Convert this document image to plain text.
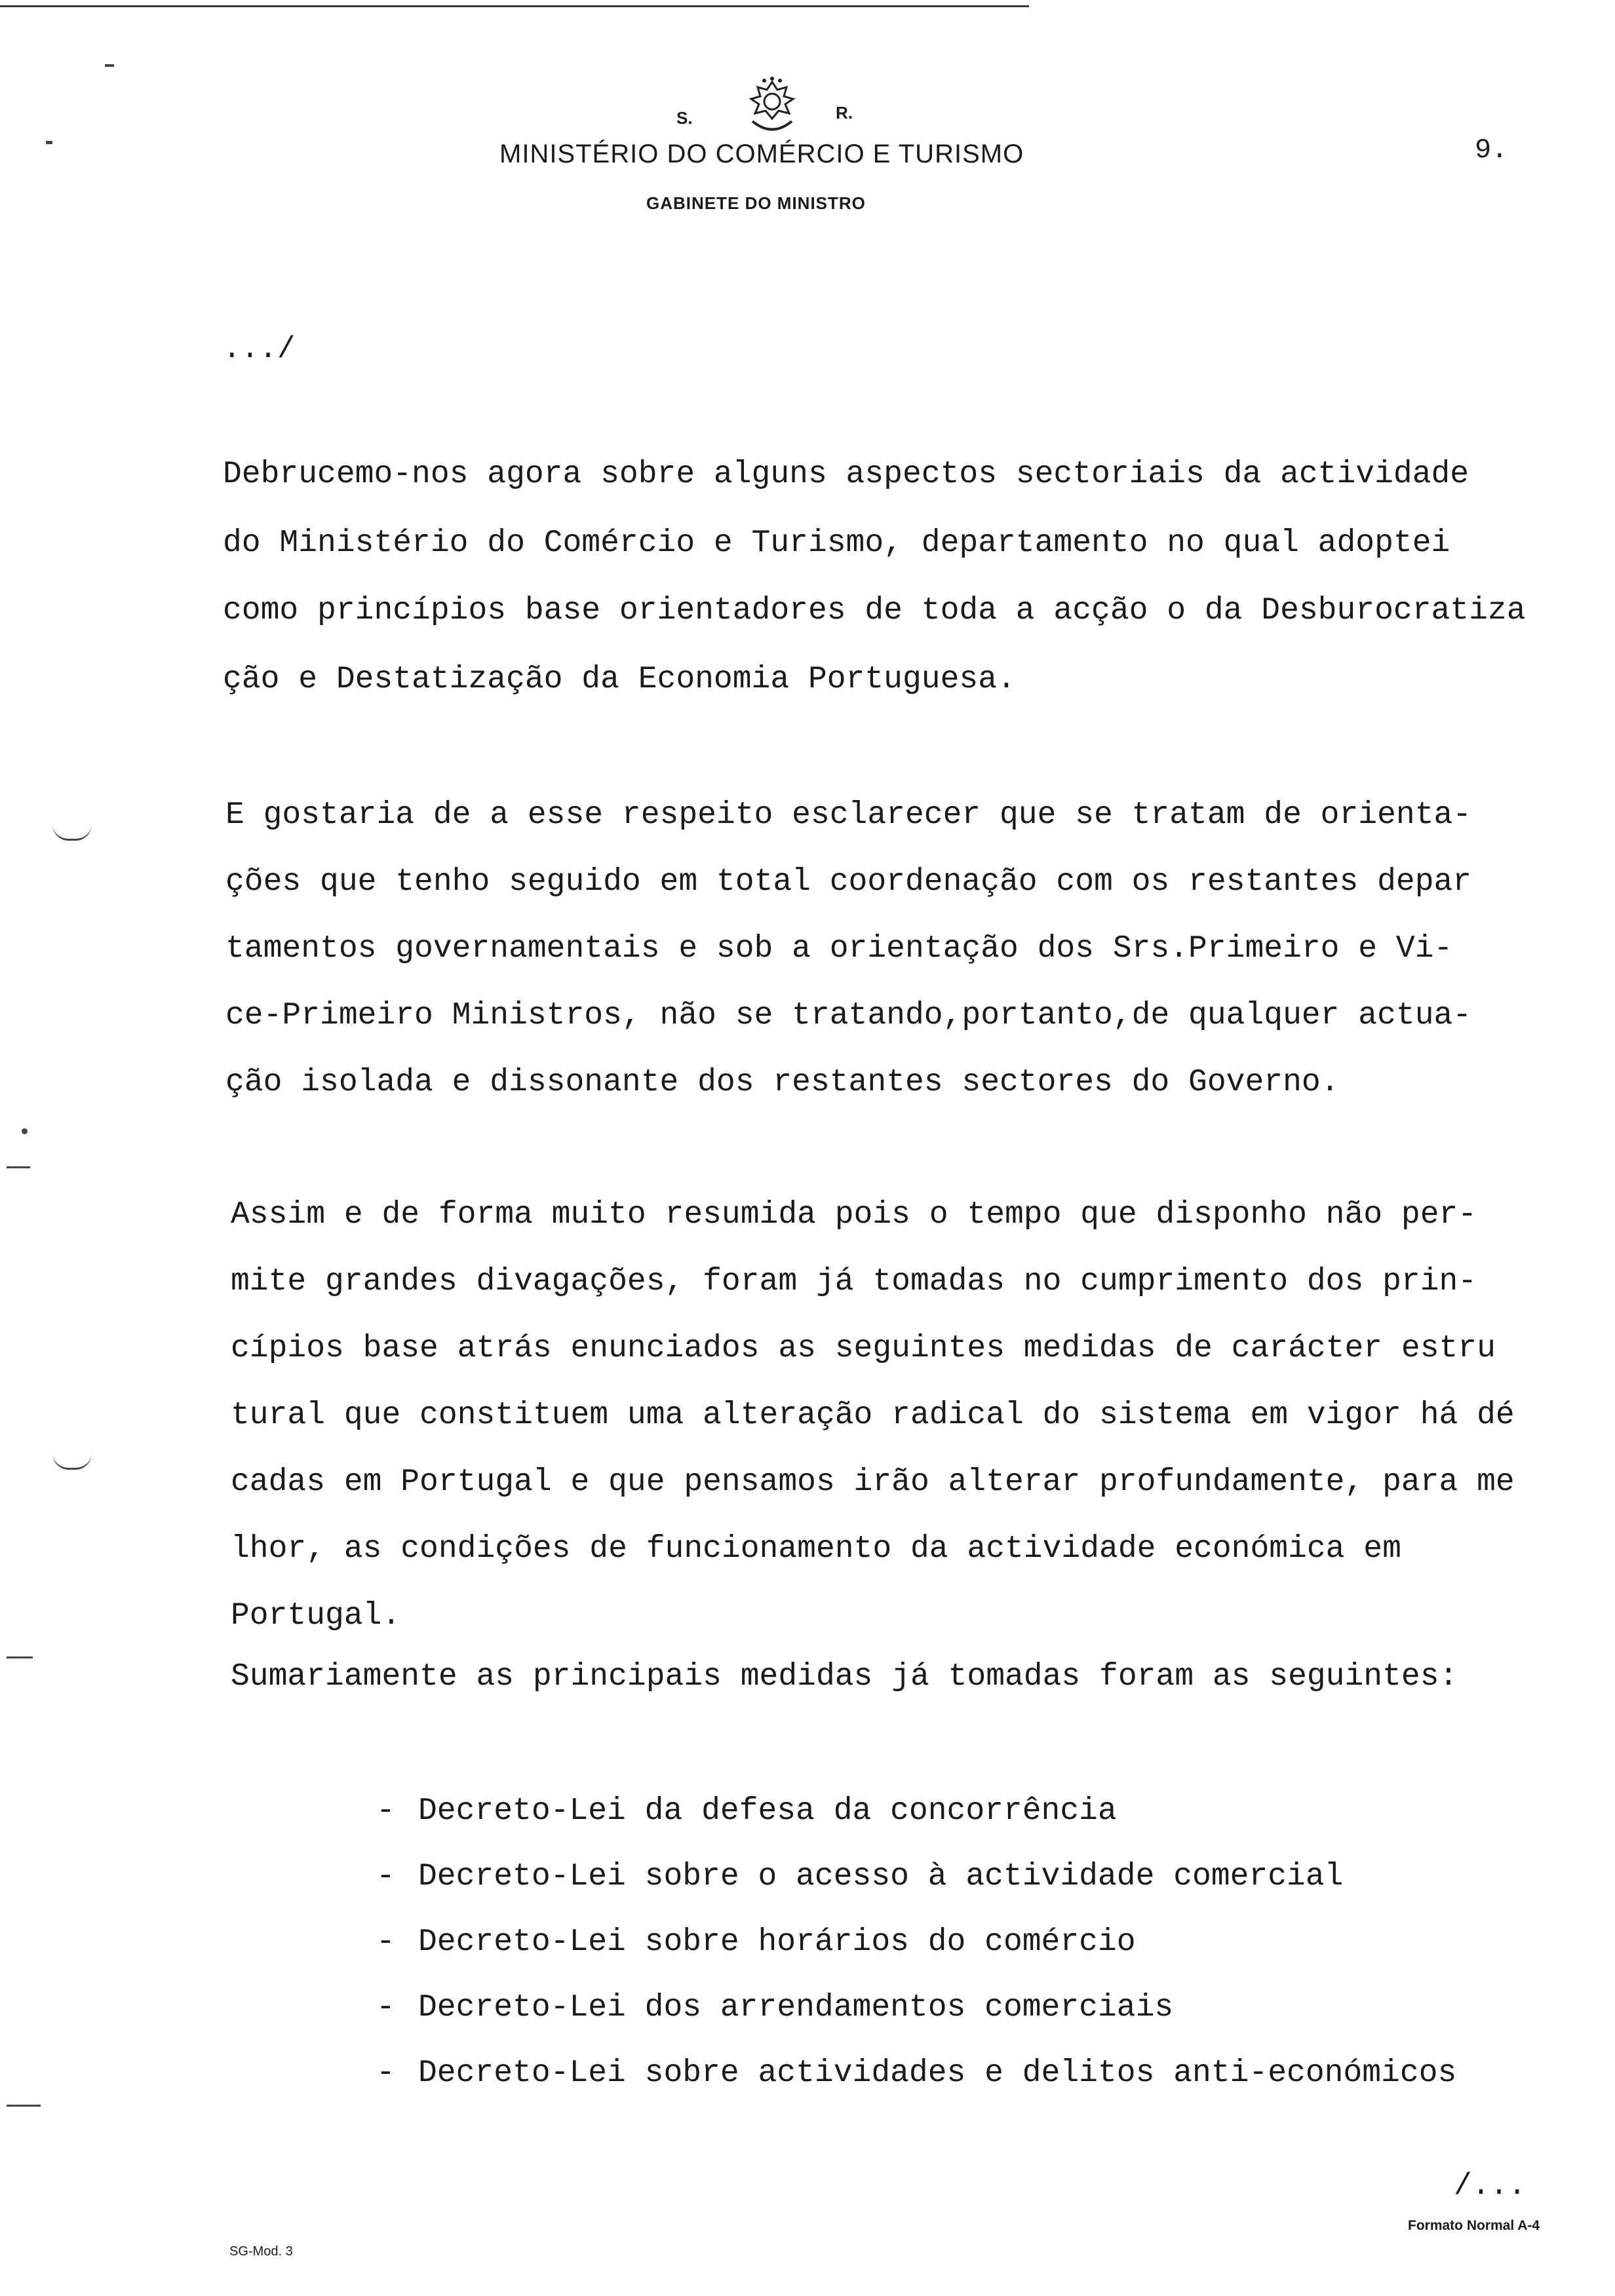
S.	R.
MINISTÉRIO DO COMÉRCIO E TURISMO
GABINETE DO MINISTRO
9.
.../
Debrucemo-nos agora sobre alguns aspectos sectoriais da actividade
do Ministério do Comércio e Turismo, departamento no qual adoptei
como princípios base orientadores de toda a acção o da Desburocratiza
ção e Destatização da Economia Portuguesa.
E gostaria de a esse respeito esclarecer que se tratam de orienta-
ções que tenho seguido em total coordenação com os restantes depar
tamentos governamentais e sob a orientação dos Srs.Primeiro e Vi-
ce-Primeiro Ministros, não se tratando,portanto,de qualquer actua-
ção isolada e dissonante dos restantes sectores do Governo.
Assim e de forma muito resumida pois o tempo que disponho não per-
mite grandes divagações, foram já tomadas no cumprimento dos prin-
cípios base atrás enunciados as seguintes medidas de carácter estru
tural que constituem uma alteração radical do sistema em vigor há dé
cadas em Portugal e que pensamos irão alterar profundamente, para me
lhor, as condições de funcionamento da actividade económica em
Portugal.
Sumariamente as principais medidas já tomadas foram as seguintes:
- Decreto-Lei da defesa da concorrência
- Decreto-Lei sobre o acesso à actividade comercial
- Decreto-Lei sobre horários do comércio
- Decreto-Lei dos arrendamentos comerciais
- Decreto-Lei sobre actividades e delitos anti-económicos
/...
SG-Mod. 3
Formato Normal A-4
